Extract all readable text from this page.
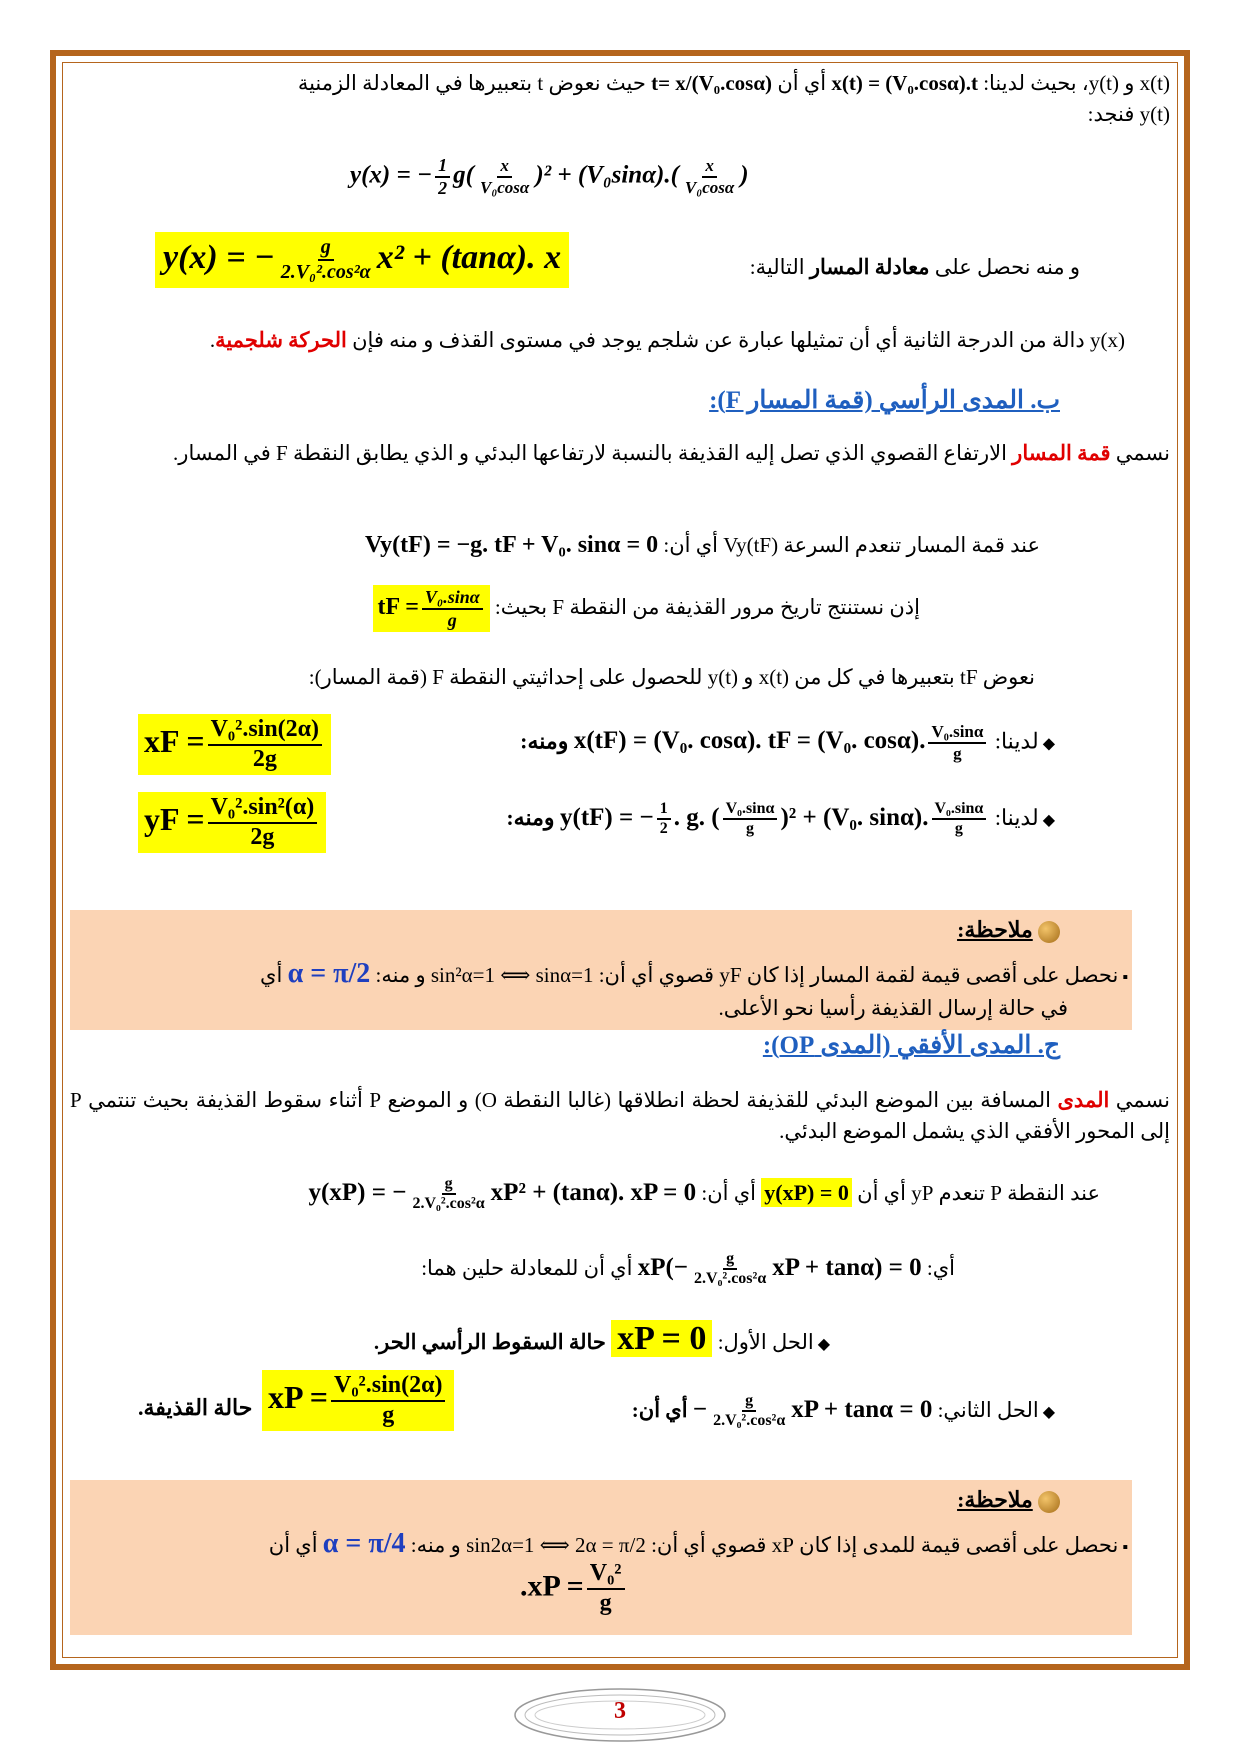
x(t) و y(t)، بحيث لدينا: x(t) = (V₀.cosα).t أي أن t= x/(V₀.cosα) حيث نعوض t بتعبيرها في المعادلة الزمنية
y(t) فنجد:
y(x) = − $\frac{1}{2} g( \frac{x}{\text{V₀cosα}} )^2 + (V_0\sin\alpha).( \frac{x}{\text{V₀cosα}}$ )
و منه نحصل على معادلة المسار التالية:
y(x) = − $\frac{g}{\text{2.V₀².cos²α}} x^2 + (\tan\alpha)$. x
y(x) دالة من الدرجة الثانية أي أن تمثيلها عبارة عن شلجم يوجد في مستوى القذف و منه فإن الحركة شلجمية.
ب. المدى الرأسي (قمة المسار F):
نسمي قمة المسار الارتفاع القصوي الذي تصل إليه القذيفة بالنسبة لارتفاعها البدئي و الذي يطابق النقطة F في المسار.
عند قمة المسار تنعدم السرعة Vy(tF) أي أن: Vy(tF) = −g. tF + V₀. sinα = 0
إذن نستنتج تاريخ مرور القذيفة من النقطة F بحيث: tF = $\frac{\text{V₀.sinα}}{g}$
نعوض tF بتعبيرها في كل من x(t) و y(t) للحصول على إحداثيتي النقطة F (قمة المسار):
◆ لدينا: x(tF) = (V₀. cosα). tF = (V₀. cosα). $\frac{\text{V₀.sinα}}{g}$
ومنه:
xF = $\frac{\text{V₀².sin(2α)}}{2g}$
◆ لدينا: y(tF) = − $\frac{1}{2}$ . g. ( $\frac{\text{V₀.sinα}}{g} )^2 + (V_0$. sinα). $\frac{\text{V₀.sinα}}{g}$
ومنه:
yF = $\frac{\text{V₀².sin²(α)}}{2g}$
ملاحظة:
▪ نحصل على أقصى قيمة لقمة المسار إذا كان yF قصوي أي أن: sin²α=1 ⟺ sinα=1 و منه: α = π/2 أي
في حالة إرسال القذيفة رأسيا نحو الأعلى.
ج. المدى الأفقي (المدى OP):
نسمي المدى المسافة بين الموضع البدئي للقذيفة لحظة انطلاقها (غالبا النقطة O) و الموضع P أثناء سقوط القذيفة بحيث تنتمي P إلى المحور الأفقي الذي يشمل الموضع البدئي.
عند النقطة P تنعدم yP أي أن y(xP) = 0 أي أن: y(xP) = − $\frac{g}{\text{2.V₀².cos²α}} xP^2 + (\tan\alpha)$. xP = 0
أي: $xP(- \frac{g}{\text{2.V₀².cos²α}}$ xP + tanα) = 0 أي أن للمعادلة حلين هما:
◆ الحل الأول: xP = 0 حالة السقوط الرأسي الحر.
◆ الحل الثاني: − $\frac{g}{\text{2.V₀².cos²α}}$ xP + tanα = 0 أي أن:
xP = $\frac{\text{V₀².sin(2α)}}{g}$
حالة القذيفة.
ملاحظة:
▪ نحصل على أقصى قيمة للمدى إذا كان xP قصوي أي أن: sin2α=1 ⟺ 2α = π/2 و منه: α = π/4 أي أن
$.xP = \frac{\text{V₀²}}{g}$
3
